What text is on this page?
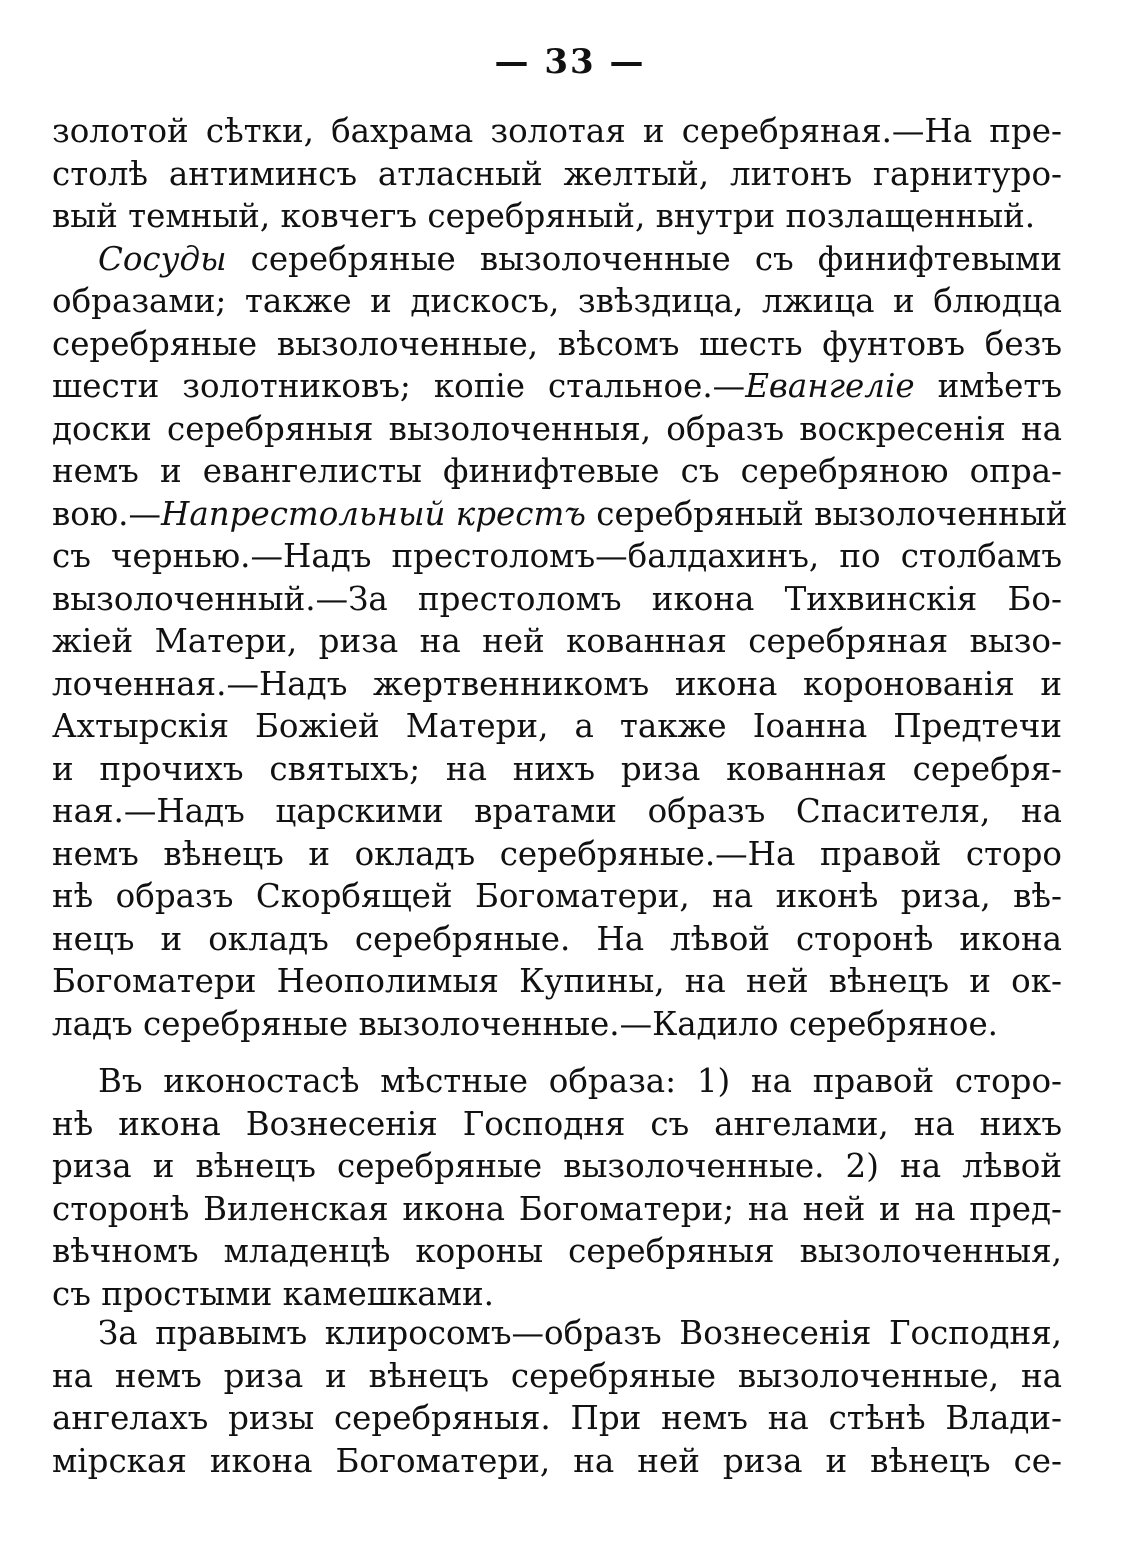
— 33 —
золотой сѣтки, бахрама золотая и серебряная.—На пре-
столѣ антиминсъ атласный желтый, литонъ гарнитуро-
вый темный, ковчегъ серебряный, внутри позлащенный.
Сосуды серебряные вызолоченные съ финифтевыми
образами; также и дискосъ, звѣздица, лжица и блюдца
серебряные вызолоченные, вѣсомъ шесть фунтовъ безъ
шести золотниковъ; копіе стальное.—Евангеліе имѣетъ
доски серебряныя вызолоченныя, образъ воскресенія на
немъ и евангелисты финифтевые съ серебряною опра-
вою.—Напрестольный крестъ серебряный вызолоченный
съ чернью.—Надъ престоломъ—балдахинъ, по столбамъ
вызолоченный.—За престоломъ икона Тихвинскія Бо-
жіей Матери, риза на ней кованная серебряная вызо-
лоченная.—Надъ жертвенникомъ икона коронованія и
Ахтырскія Божіей Матери, а также Іоанна Предтечи
и прочихъ святыхъ; на нихъ риза кованная серебря-
ная.—Надъ царскими вратами образъ Спасителя, на
немъ вѣнецъ и окладъ серебряные.—На правой сторо
нѣ образъ Скорбящей Богоматери, на иконѣ риза, вѣ-
нецъ и окладъ серебряные. На лѣвой сторонѣ икона
Богоматери Неополимыя Купины, на ней вѣнецъ и ок-
ладъ серебряные вызолоченные.—Кадило серебряное.
Въ иконостасѣ мѣстные образа: 1) на правой сторо-
нѣ икона Вознесенія Господня съ ангелами, на нихъ
риза и вѣнецъ серебряные вызолоченные. 2) на лѣвой
сторонѣ Виленская икона Богоматери; на ней и на пред-
вѣчномъ младенцѣ короны серебряныя вызолоченныя,
съ простыми камешками.
За правымъ клиросомъ—образъ Вознесенія Господня,
на немъ риза и вѣнецъ серебряные вызолоченные, на
ангелахъ ризы серебряныя. При немъ на стѣнѣ Влади-
мірская икона Богоматери, на ней риза и вѣнецъ се-
